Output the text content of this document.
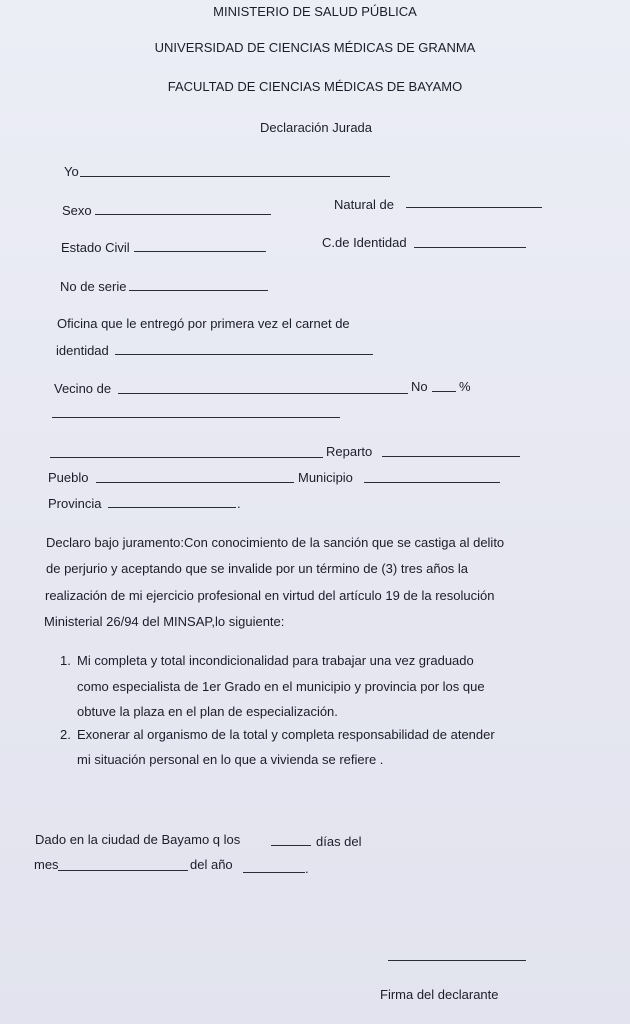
MINISTERIO DE SALUD PÚBLICA
UNIVERSIDAD DE CIENCIAS MÉDICAS DE GRANMA
FACULTAD DE CIENCIAS MÉDICAS DE BAYAMO
Declaración Jurada
Yo
Sexo	Natural de
Estado Civil	C.de Identidad
No de serie
Oficina que le entregó por primera vez el carnet de
identidad
Vecino de	No %
Reparto
Pueblo	Municipio
Provincia	.
Declaro bajo juramento:Con conocimiento de la sanción que se castiga al delito
de perjurio y aceptando que se invalide por un término de (3) tres años la
realización de mi ejercicio profesional en virtud del artículo 19 de la resolución
Ministerial 26/94 del MINSAP,lo siguiente:
1. Mi completa y total incondicionalidad para trabajar una vez graduado
como especialista de 1er Grado en el municipio y provincia por los que
obtuve la plaza en el plan de especialización.
2. Exonerar al organismo de la total y completa responsabilidad de atender
mi situación personal en lo que a vivienda se refiere .
Dado en la ciudad de Bayamo q los	días del
mes	del año	.
Firma del declarante
